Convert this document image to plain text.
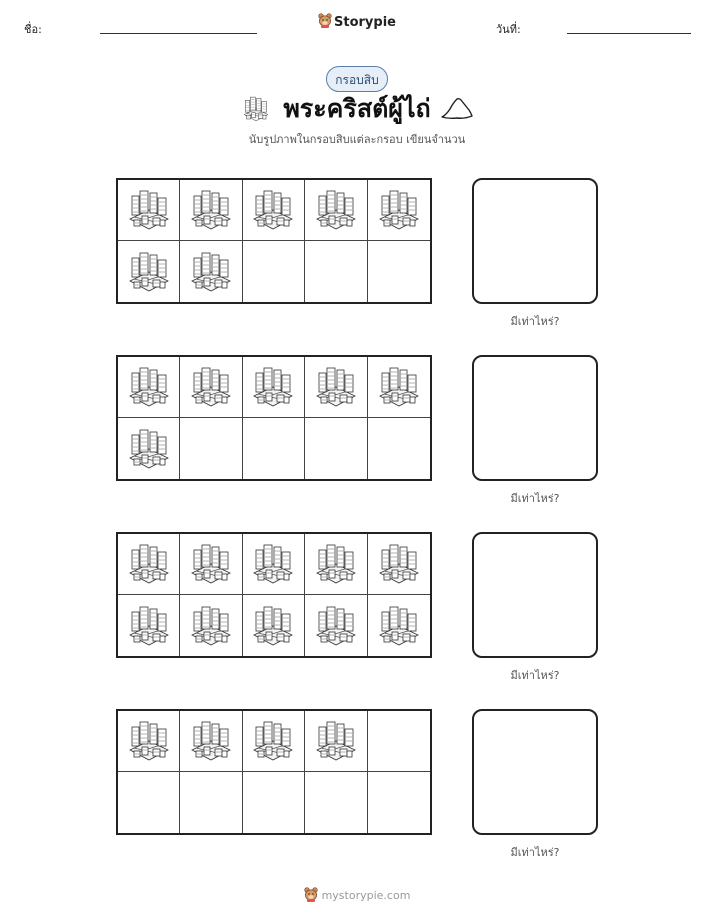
ชื่อ:	Storypie	วันที่:
กรอบสิบ
พระคริสต์ผู้ไถ่
นับรูปภาพในกรอบสิบแต่ละกรอบ เขียนจำนวน
มีเท่าไหร่?
มีเท่าไหร่?
มีเท่าไหร่?
มีเท่าไหร่?
mystorypie.com
